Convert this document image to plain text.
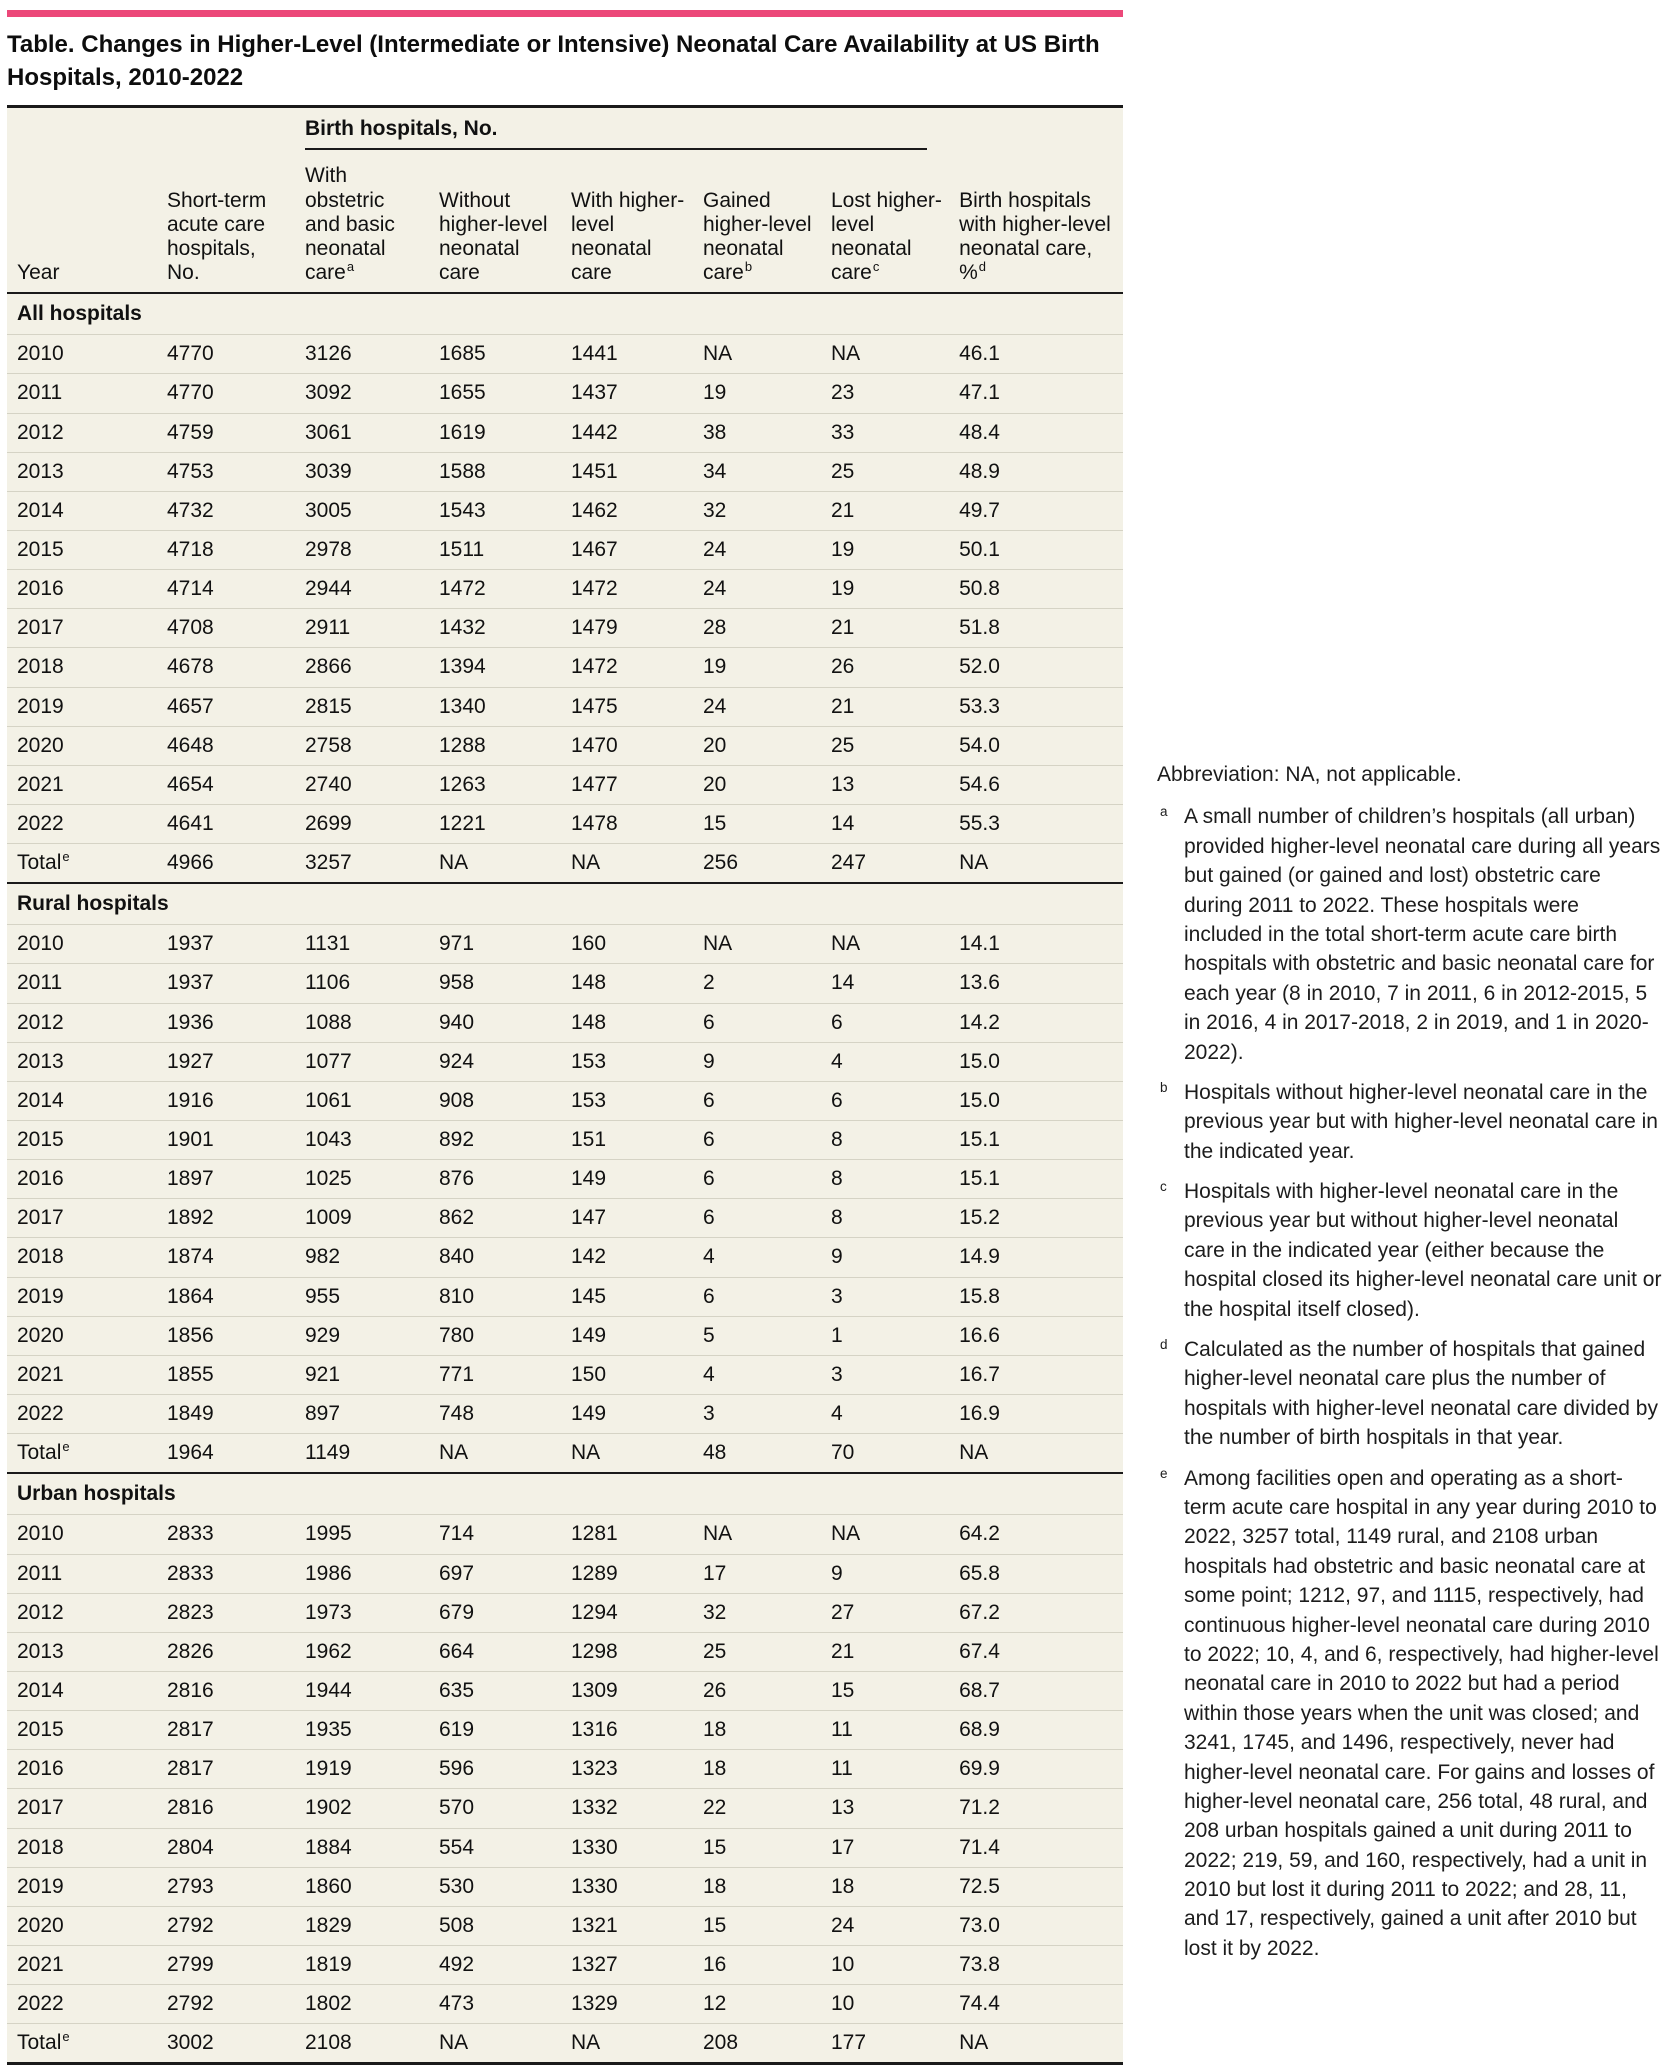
Table. Changes in Higher-Level (Intermediate or Intensive) Neonatal Care Availability at US Birth Hospitals, 2010-2022
Year	Short-term acute care hospitals, No.	Birth hospitals, No.					Birth hospitals with higher-level neonatal care, %$^d$
		With obstetric and basic neonatal care$^a$	Without higher-level neonatal care	With higher-level neonatal care	Gained higher-level neonatal care$^b$	Lost higher-level neonatal care$^c$
All hospitals							
2010	4770	3126	1685	1441	NA	NA	46.1
2011	4770	3092	1655	1437	19	23	47.1
2012	4759	3061	1619	1442	38	33	48.4
2013	4753	3039	1588	1451	34	25	48.9
2014	4732	3005	1543	1462	32	21	49.7
2015	4718	2978	1511	1467	24	19	50.1
2016	4714	2944	1472	1472	24	19	50.8
2017	4708	2911	1432	1479	28	21	51.8
2018	4678	2866	1394	1472	19	26	52.0
2019	4657	2815	1340	1475	24	21	53.3
2020	4648	2758	1288	1470	20	25	54.0
2021	4654	2740	1263	1477	20	13	54.6
2022	4641	2699	1221	1478	15	14	55.3
Total$^e$	4966	3257	NA	NA	256	247	NA
Rural hospitals							
2010	1937	1131	971	160	NA	NA	14.1
2011	1937	1106	958	148	2	14	13.6
2012	1936	1088	940	148	6	6	14.2
2013	1927	1077	924	153	9	4	15.0
2014	1916	1061	908	153	6	6	15.0
2015	1901	1043	892	151	6	8	15.1
2016	1897	1025	876	149	6	8	15.1
2017	1892	1009	862	147	6	8	15.2
2018	1874	982	840	142	4	9	14.9
2019	1864	955	810	145	6	3	15.8
2020	1856	929	780	149	5	1	16.6
2021	1855	921	771	150	4	3	16.7
2022	1849	897	748	149	3	4	16.9
Total$^e$	1964	1149	NA	NA	48	70	NA
Urban hospitals							
2010	2833	1995	714	1281	NA	NA	64.2
2011	2833	1986	697	1289	17	9	65.8
2012	2823	1973	679	1294	32	27	67.2
2013	2826	1962	664	1298	25	21	67.4
2014	2816	1944	635	1309	26	15	68.7
2015	2817	1935	619	1316	18	11	68.9
2016	2817	1919	596	1323	18	11	69.9
2017	2816	1902	570	1332	22	13	71.2
2018	2804	1884	554	1330	15	17	71.4
2019	2793	1860	530	1330	18	18	72.5
2020	2792	1829	508	1321	15	24	73.0
2021	2799	1819	492	1327	16	10	73.8
2022	2792	1802	473	1329	12	10	74.4
Total$^e$	3002	2108	NA	NA	208	177	NA

Abbreviation: NA, not applicable.

a A small number of children’s hospitals (all urban) provided higher-level neonatal care during all years but gained (or gained and lost) obstetric care during 2011 to 2022. These hospitals were included in the total short-term acute care birth hospitals with obstetric and basic neonatal care for each year (8 in 2010, 7 in 2011, 6 in 2012-2015, 5 in 2016, 4 in 2017-2018, 2 in 2019, and 1 in 2020-2022).

b Hospitals without higher-level neonatal care in the previous year but with higher-level neonatal care in the indicated year.

c Hospitals with higher-level neonatal care in the previous year but without higher-level neonatal care in the indicated year (either because the hospital closed its higher-level neonatal care unit or the hospital itself closed).

d Calculated as the number of hospitals that gained higher-level neonatal care plus the number of hospitals with higher-level neonatal care divided by the number of birth hospitals in that year.

e Among facilities open and operating as a short-term acute care hospital in any year during 2010 to 2022, 3257 total, 1149 rural, and 2108 urban hospitals had obstetric and basic neonatal care at some point; 1212, 97, and 1115, respectively, had continuous higher-level neonatal care during 2010 to 2022; 10, 4, and 6, respectively, had higher-level neonatal care in 2010 to 2022 but had a period within those years when the unit was closed; and 3241, 1745, and 1496, respectively, never had higher-level neonatal care. For gains and losses of higher-level neonatal care, 256 total, 48 rural, and 208 urban hospitals gained a unit during 2011 to 2022; 219, 59, and 160, respectively, had a unit in 2010 but lost it during 2011 to 2022; and 28, 11, and 17, respectively, gained a unit after 2010 but lost it by 2022.
